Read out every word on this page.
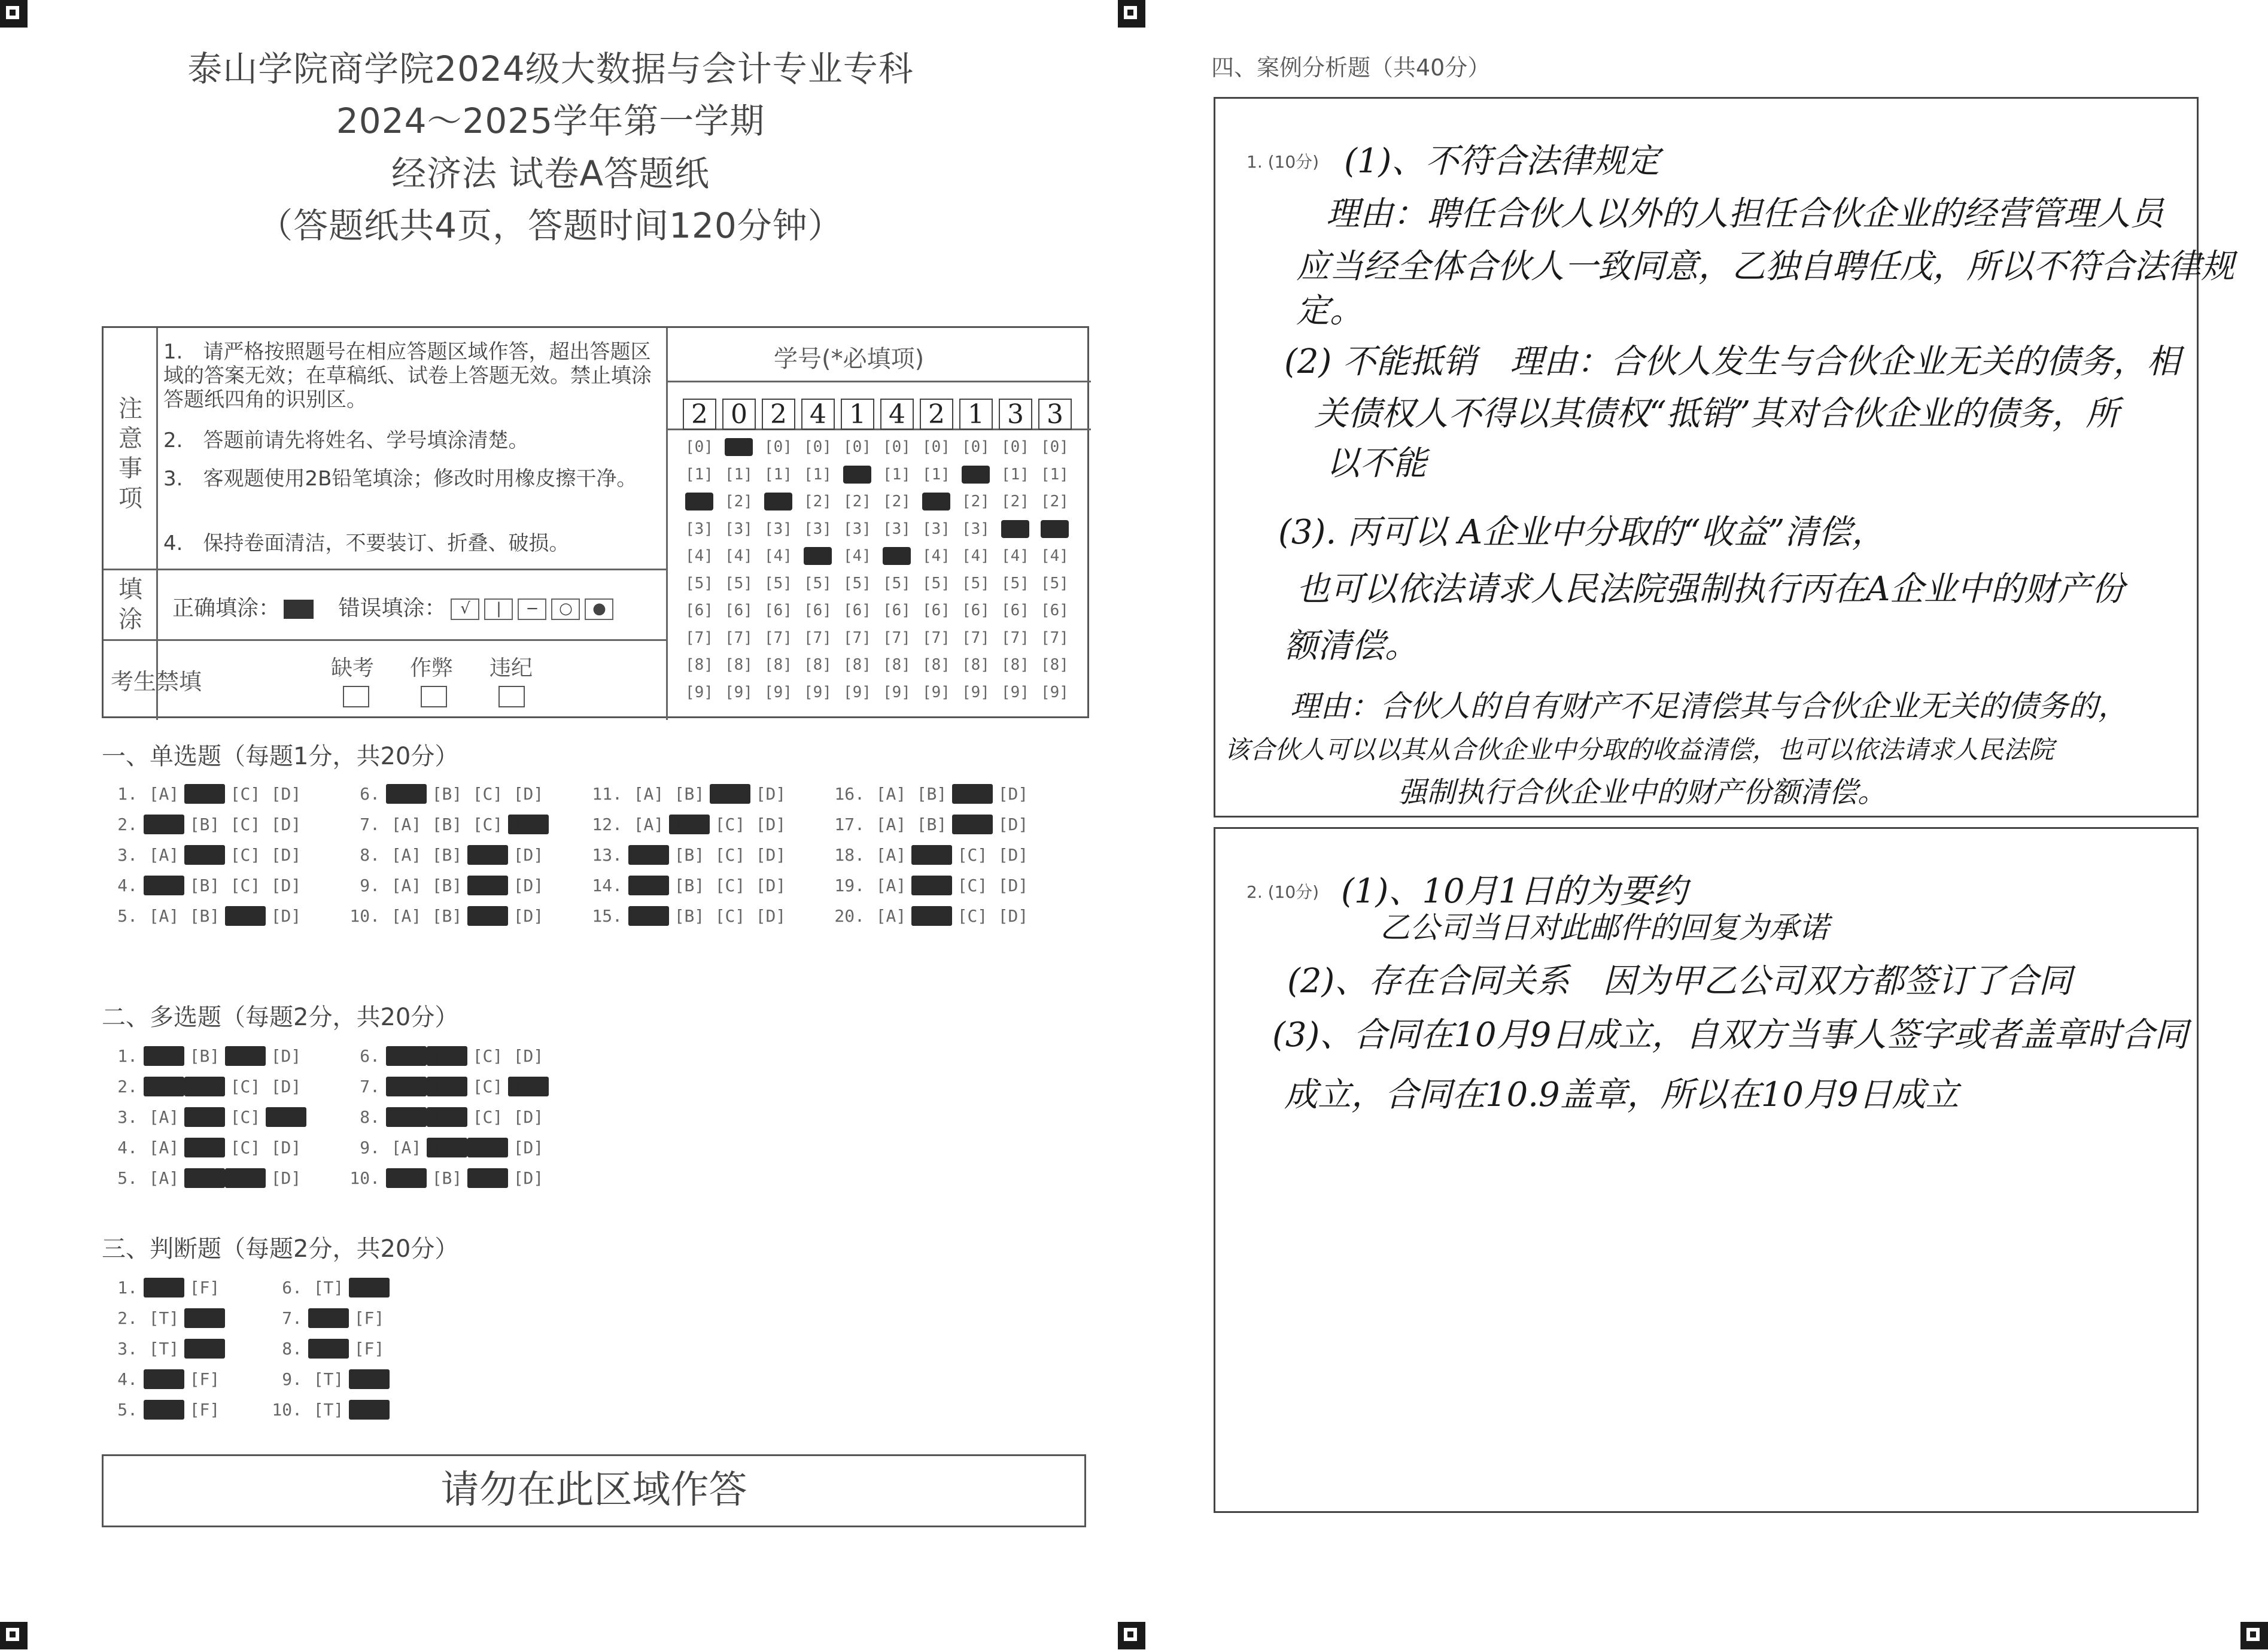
泰山学院商学院2024级大数据与会计专业专科
2024～2025学年第一学期
经济法 试卷A答题纸
（答题纸共4页，答题时间120分钟）
注意事项
填涂
考生禁填
1.　请严格按照题号在相应答题区域作答，超出答题区域的答案无效；在草稿纸、试卷上答题无效。禁止填涂答题纸四角的识别区。
2.　答题前请先将姓名、学号填涂清楚。
3.　客观题使用2B铅笔填涂；修改时用橡皮擦干净。
4.　保持卷面清洁，不要装订、折叠、破损。
正确填涂：	错误填涂： √ | − ○ ●
缺考 作弊 违纪
学号(*必填项)
2
[0]
[1]
[2]
[3]
[4]
[5]
[6]
[7]
[8]
[9]
0
[0]
[1]
[2]
[3]
[4]
[5]
[6]
[7]
[8]
[9]
2
[0]
[1]
[2]
[3]
[4]
[5]
[6]
[7]
[8]
[9]
4
[0]
[1]
[2]
[3]
[4]
[5]
[6]
[7]
[8]
[9]
1
[0]
[1]
[2]
[3]
[4]
[5]
[6]
[7]
[8]
[9]
4
[0]
[1]
[2]
[3]
[4]
[5]
[6]
[7]
[8]
[9]
2
[0]
[1]
[2]
[3]
[4]
[5]
[6]
[7]
[8]
[9]
1
[0]
[1]
[2]
[3]
[4]
[5]
[6]
[7]
[8]
[9]
3
[0]
[1]
[2]
[3]
[4]
[5]
[6]
[7]
[8]
[9]
3
[0]
[1]
[2]
[3]
[4]
[5]
[6]
[7]
[8]
[9]
一、单选题（每题1分，共20分）
1. [A] [B] [C] [D]
2. [A] [B] [C] [D]
3. [A] [B] [C] [D]
4. [A] [B] [C] [D]
5. [A] [B] [C] [D]
6. [A] [B] [C] [D]
7. [A] [B] [C] [D]
8. [A] [B] [C] [D]
9. [A] [B] [C] [D]
10. [A] [B] [C] [D]
11. [A] [B] [C] [D]
12. [A] [B] [C] [D]
13. [A] [B] [C] [D]
14. [A] [B] [C] [D]
15. [A] [B] [C] [D]
16. [A] [B] [C] [D]
17. [A] [B] [C] [D]
18. [A] [B] [C] [D]
19. [A] [B] [C] [D]
20. [A] [B] [C] [D]
二、多选题（每题2分，共20分）
1. [A] [B] [C] [D]
2. [A] [B] [C] [D]
3. [A] [B] [C] [D]
4. [A] [B] [C] [D]
5. [A] [B] [C] [D]
6. [A] [B] [C] [D]
7. [A] [B] [C] [D]
8. [A] [B] [C] [D]
9. [A] [B] [C] [D]
10. [A] [B] [C] [D]
三、判断题（每题2分，共20分）
1. [T] [F]
2. [T] [F]
3. [T] [F]
4. [T] [F]
5. [T] [F]
6. [T] [F]
7. [T] [F]
8. [T] [F]
9. [T] [F]
10. [T] [F]
请勿在此区域作答
四、案例分析题（共40分）
1. (10分) (1)、不符合法律规定
理由：聘任合伙人以外的人担任合伙企业的经营管理人员
应当经全体合伙人一致同意，乙独自聘任戊，所以不符合法律规
定。
(2) 不能抵销　理由：合伙人发生与合伙企业无关的债务，相
关债权人不得以其债权“抵销”其对合伙企业的债务，所
以不能
(3). 丙可以 A企业中分取的“收益”清偿，
也可以依法请求人民法院强制执行丙在A企业中的财产份
额清偿。
理由：合伙人的自有财产不足清偿其与合伙企业无关的债务的，
该合伙人可以以其从合伙企业中分取的收益清偿，也可以依法请求人民法院
强制执行合伙企业中的财产份额清偿。
2. (10分) (1)、10月1日的为要约
乙公司当日对此邮件的回复为承诺
(2)、存在合同关系　因为甲乙公司双方都签订了合同
(3)、合同在10月9日成立，自双方当事人签字或者盖章时合同
成立，合同在10.9盖章，所以在10月9日成立
